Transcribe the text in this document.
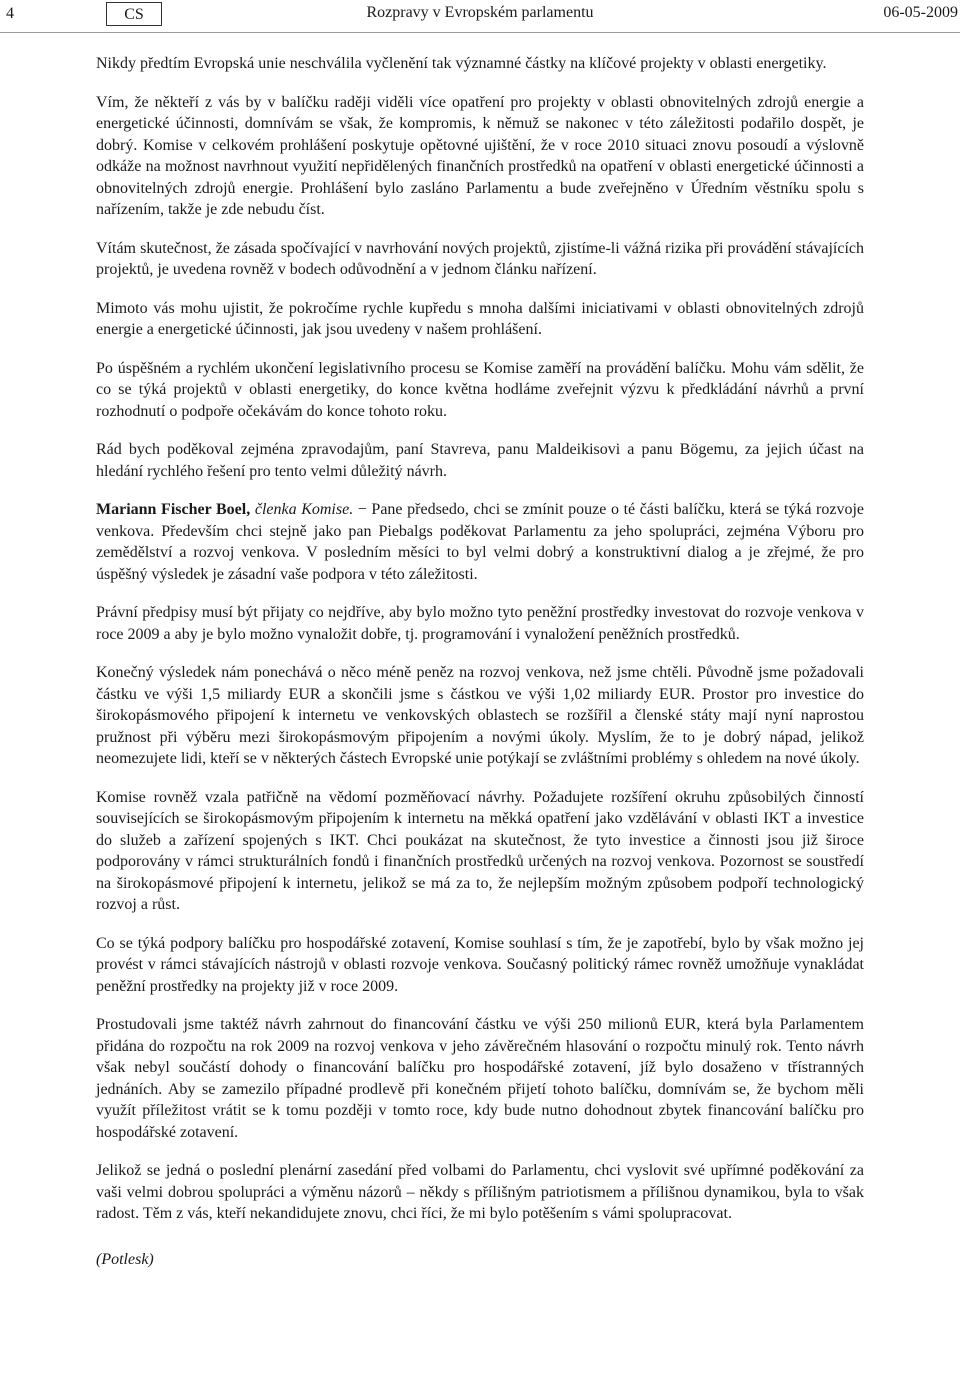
4	CS	Rozpravy v Evropském parlamentu	06-05-2009

Nikdy předtím Evropská unie neschválila vyčlenění tak významné částky na klíčové projekty v oblasti energetiky.

Vím, že někteří z vás by v balíčku raději viděli více opatření pro projekty v oblasti obnovitelných zdrojů energie a energetické účinnosti, domnívám se však, že kompromis, k němuž se nakonec v této záležitosti podařilo dospět, je dobrý. Komise v celkovém prohlášení poskytuje opětovné ujištění, že v roce 2010 situaci znovu posoudí a výslovně odkáže na možnost navrhnout využití nepřidělených finančních prostředků na opatření v oblasti energetické účinnosti a obnovitelných zdrojů energie. Prohlášení bylo zasláno Parlamentu a bude zveřejněno v Úředním věstníku spolu s nařízením, takže je zde nebudu číst.

Vítám skutečnost, že zásada spočívající v navrhování nových projektů, zjistíme-li vážná rizika při provádění stávajících projektů, je uvedena rovněž v bodech odůvodnění a v jednom článku nařízení.

Mimoto vás mohu ujistit, že pokročíme rychle kupředu s mnoha dalšími iniciativami v oblasti obnovitelných zdrojů energie a energetické účinnosti, jak jsou uvedeny v našem prohlášení.

Po úspěšném a rychlém ukončení legislativního procesu se Komise zaměří na provádění balíčku. Mohu vám sdělit, že co se týká projektů v oblasti energetiky, do konce května hodláme zveřejnit výzvu k předkládání návrhů a první rozhodnutí o podpoře očekávám do konce tohoto roku.

Rád bych poděkoval zejména zpravodajům, paní Stavreva, panu Maldeikisovi a panu Bögemu, za jejich účast na hledání rychlého řešení pro tento velmi důležitý návrh.

Mariann Fischer Boel, členka Komise. − Pane předsedo, chci se zmínit pouze o té části balíčku, která se týká rozvoje venkova. Především chci stejně jako pan Piebalgs poděkovat Parlamentu za jeho spolupráci, zejména Výboru pro zemědělství a rozvoj venkova. V posledním měsíci to byl velmi dobrý a konstruktivní dialog a je zřejmé, že pro úspěšný výsledek je zásadní vaše podpora v této záležitosti.

Právní předpisy musí být přijaty co nejdříve, aby bylo možno tyto peněžní prostředky investovat do rozvoje venkova v roce 2009 a aby je bylo možno vynaložit dobře, tj. programování i vynaložení peněžních prostředků.

Konečný výsledek nám ponechává o něco méně peněz na rozvoj venkova, než jsme chtěli. Původně jsme požadovali částku ve výši 1,5 miliardy EUR a skončili jsme s částkou ve výši 1,02 miliardy EUR. Prostor pro investice do širokopásmového připojení k internetu ve venkovských oblastech se rozšířil a členské státy mají nyní naprostou pružnost při výběru mezi širokopásmovým připojením a novými úkoly. Myslím, že to je dobrý nápad, jelikož neomezujete lidi, kteří se v některých částech Evropské unie potýkají se zvláštními problémy s ohledem na nové úkoly.

Komise rovněž vzala patřičně na vědomí pozměňovací návrhy. Požadujete rozšíření okruhu způsobilých činností souvisejících se širokopásmovým připojením k internetu na měkká opatření jako vzdělávání v oblasti IKT a investice do služeb a zařízení spojených s IKT. Chci poukázat na skutečnost, že tyto investice a činnosti jsou již široce podporovány v rámci strukturálních fondů i finančních prostředků určených na rozvoj venkova. Pozornost se soustředí na širokopásmové připojení k internetu, jelikož se má za to, že nejlepším možným způsobem podpoří technologický rozvoj a růst.

Co se týká podpory balíčku pro hospodářské zotavení, Komise souhlasí s tím, že je zapotřebí, bylo by však možno jej provést v rámci stávajících nástrojů v oblasti rozvoje venkova. Současný politický rámec rovněž umožňuje vynakládat peněžní prostředky na projekty již v roce 2009.

Prostudovali jsme taktéž návrh zahrnout do financování částku ve výši 250 milionů EUR, která byla Parlamentem přidána do rozpočtu na rok 2009 na rozvoj venkova v jeho závěrečném hlasování o rozpočtu minulý rok. Tento návrh však nebyl součástí dohody o financování balíčku pro hospodářské zotavení, jíž bylo dosaženo v třístranných jednáních. Aby se zamezilo případné prodlevě při konečném přijetí tohoto balíčku, domnívám se, že bychom měli využít příležitost vrátit se k tomu později v tomto roce, kdy bude nutno dohodnout zbytek financování balíčku pro hospodářské zotavení.

Jelikož se jedná o poslední plenární zasedání před volbami do Parlamentu, chci vyslovit své upřímné poděkování za vaši velmi dobrou spolupráci a výměnu názorů – někdy s přílišným patriotismem a přílišnou dynamikou, byla to však radost. Těm z vás, kteří nekandidujete znovu, chci říci, že mi bylo potěšením s vámi spolupracovat.

(Potlesk)
